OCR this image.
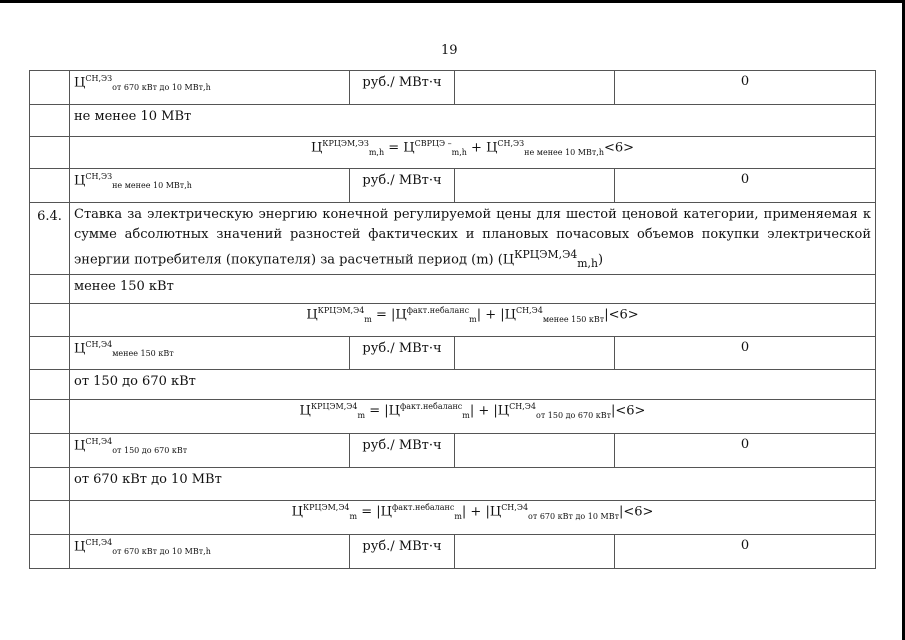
19
	$Ц^{СН,ЭЗ}_{от 670 кВт до 10 МВт,h}$	руб./ МВт·ч		0
	не менее 10 МВт			
	$Ц^{КРЦЭМ,ЭЗ}_{m,h} = Ц^{СВРЦЭ -}_{m,h} + Ц^{СН,ЭЗ}_{не менее 10 МВт,h}<6>$			
	$Ц^{СН,ЭЗ}_{не менее 10 МВт,h}$	руб./ МВт·ч		0
6.4.	Ставка за электрическую энергию конечной регулируемой цены для шестой ценовой категории, применяемая к сумме абсолютных значений разностей фактических и плановых почасовых объемов покупки электрической энергии потребителя (покупателя) за расчетный период (m) $(Ц^{КРЦЭМ,Э4}_{m,h})$			
	менее 150 кВт			
	$Ц^{КРЦЭМ,Э4}_m = |Ц^{факт.небаланс}_m| + |Ц^{СН,Э4}_{менее 150 кВт}|<6>$			
	$Ц^{СН,Э4}_{менее 150 кВт}$	руб./ МВт·ч		0
	от 150 до 670 кВт			
	$Ц^{КРЦЭМ,Э4}_m = |Ц^{факт.небаланс}_m| + |Ц^{СН,Э4}_{от 150 до 670 кВт}|<6>$			
	$Ц^{СН,Э4}_{от 150 до 670 кВт}$	руб./ МВт·ч		0
	от 670 кВт до 10 МВт			
	$Ц^{КРЦЭМ,Э4}_m = |Ц^{факт.небаланс}_m| + |Ц^{СН,Э4}_{от 670 кВт до 10 МВт}|<6>$			
	$Ц^{СН,Э4}_{от 670 кВт до 10 МВт,h}$	руб./ МВт·ч		0
